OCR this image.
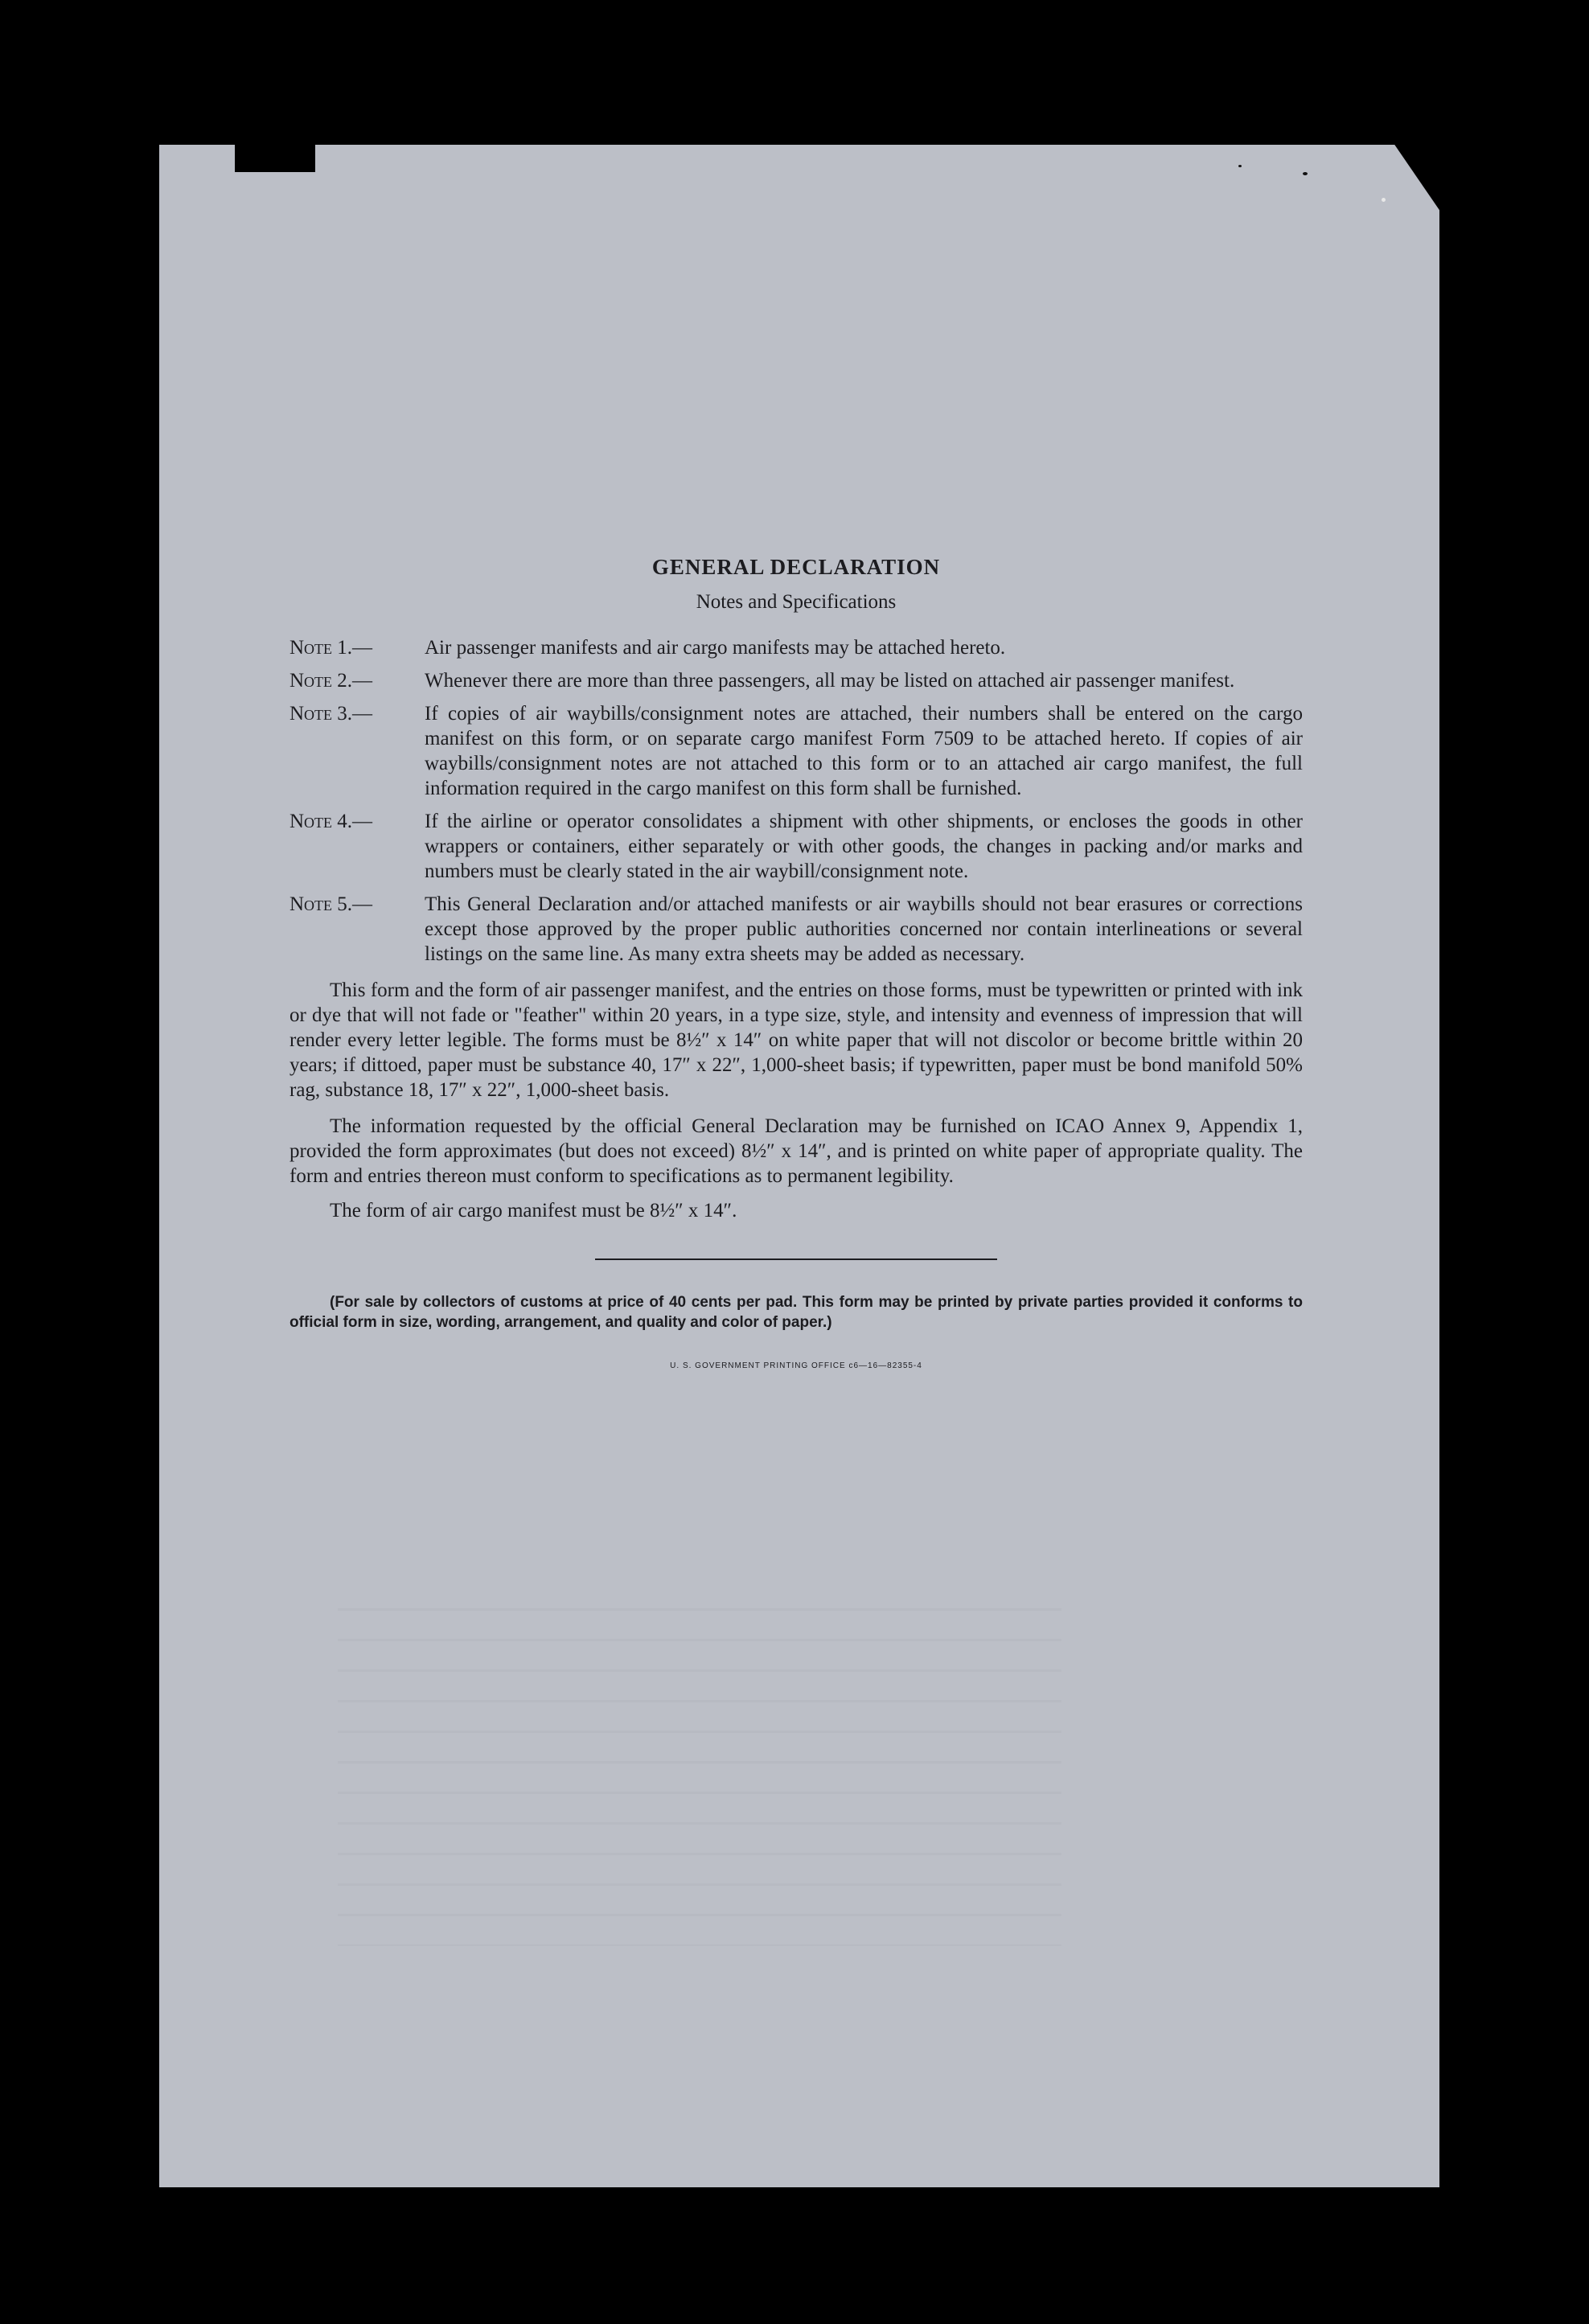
GENERAL DECLARATION
Notes and Specifications
Note 1.—	Air passenger manifests and air cargo manifests may be attached hereto.
Note 2.—	Whenever there are more than three passengers, all may be listed on attached air passenger manifest.
Note 3.—	If copies of air waybills/consignment notes are attached, their numbers shall be entered on the cargo manifest on this form, or on separate cargo manifest Form 7509 to be attached hereto. If copies of air waybills/consignment notes are not attached to this form or to an attached air cargo manifest, the full information required in the cargo manifest on this form shall be furnished.
Note 4.—	If the airline or operator consolidates a shipment with other shipments, or encloses the goods in other wrappers or containers, either separately or with other goods, the changes in packing and/or marks and numbers must be clearly stated in the air waybill/consignment note.
Note 5.—	This General Declaration and/or attached manifests or air waybills should not bear erasures or corrections except those approved by the proper public authorities concerned nor contain interlineations or several listings on the same line. As many extra sheets may be added as necessary.
This form and the form of air passenger manifest, and the entries on those forms, must be typewritten or printed with ink or dye that will not fade or "feather" within 20 years, in a type size, style, and intensity and evenness of impression that will render every letter legible. The forms must be 8½″ x 14″ on white paper that will not discolor or become brittle within 20 years; if dittoed, paper must be substance 40, 17″ x 22″, 1,000-sheet basis; if typewritten, paper must be bond manifold 50% rag, substance 18, 17″ x 22″, 1,000-sheet basis.
The information requested by the official General Declaration may be furnished on ICAO Annex 9, Appendix 1, provided the form approximates (but does not exceed) 8½″ x 14″, and is printed on white paper of appropriate quality. The form and entries thereon must conform to specifications as to permanent legibility.
The form of air cargo manifest must be 8½″ x 14″.
(For sale by collectors of customs at price of 40 cents per pad. This form may be printed by private parties provided it conforms to official form in size, wording, arrangement, and quality and color of paper.)
U. S. GOVERNMENT PRINTING OFFICE c6—16—82355-4
